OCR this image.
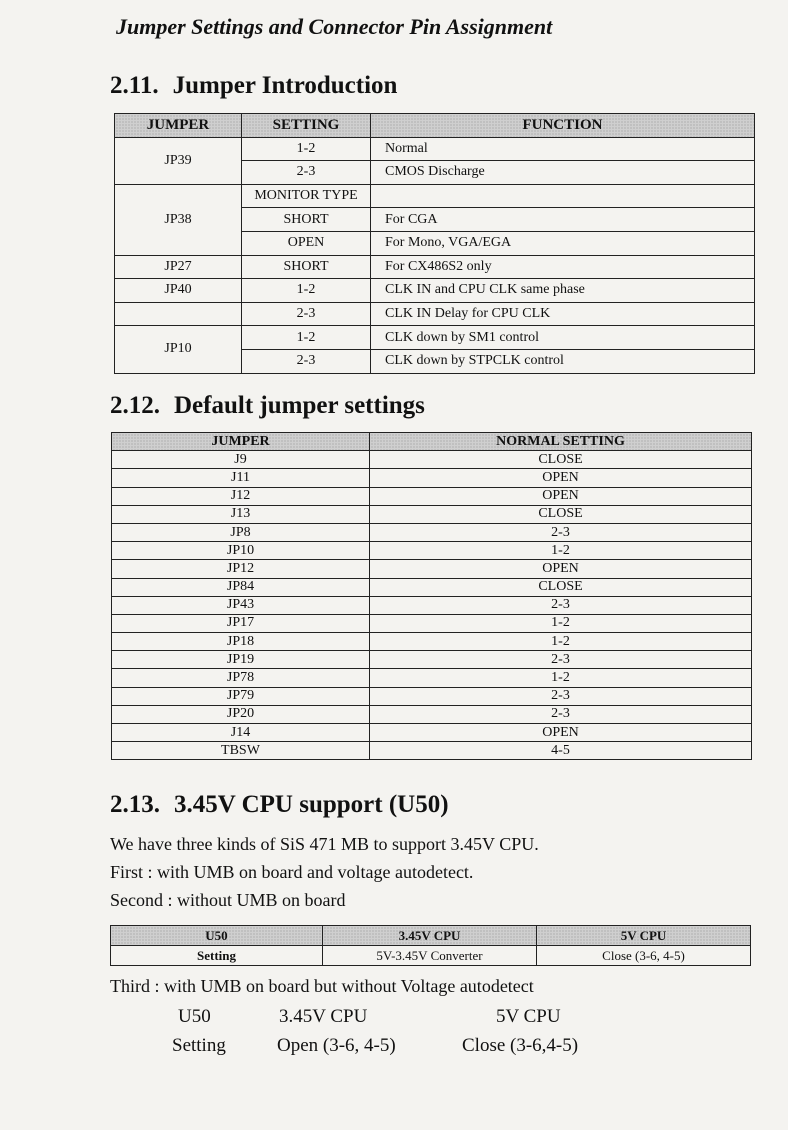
Jumper Settings and Connector Pin Assignment
2.11. Jumper Introduction
JUMPER	SETTING	FUNCTION
JP39	1-2	Normal
	2-3	CMOS Discharge
JP38	MONITOR TYPE	
	SHORT	For CGA
	OPEN	For Mono, VGA/EGA
JP27	SHORT	For CX486S2 only
JP40	1-2	CLK IN and CPU CLK same phase
	2-3	CLK IN Delay for CPU CLK
JP10	1-2	CLK down by SM1 control
	2-3	CLK down by STPCLK control
2.12. Default jumper settings
JUMPER	NORMAL SETTING
J9	CLOSE
J11	OPEN
J12	OPEN
J13	CLOSE
JP8	2-3
JP10	1-2
JP12	OPEN
JP84	CLOSE
JP43	2-3
JP17	1-2
JP18	1-2
JP19	2-3
JP78	1-2
JP79	2-3
JP20	2-3
J14	OPEN
TBSW	4-5
2.13. 3.45V CPU support (U50)
We have three kinds of SiS 471 MB to support 3.45V CPU.
First : with UMB on board and voltage autodetect.
Second : without UMB on board
U50	3.45V CPU	5V CPU
Setting	5V-3.45V Converter	Close (3-6, 4-5)
Third : with UMB on board but without Voltage autodetect
U50	3.45V CPU	5V CPU
Setting	Open (3-6, 4-5)	Close (3-6,4-5)
